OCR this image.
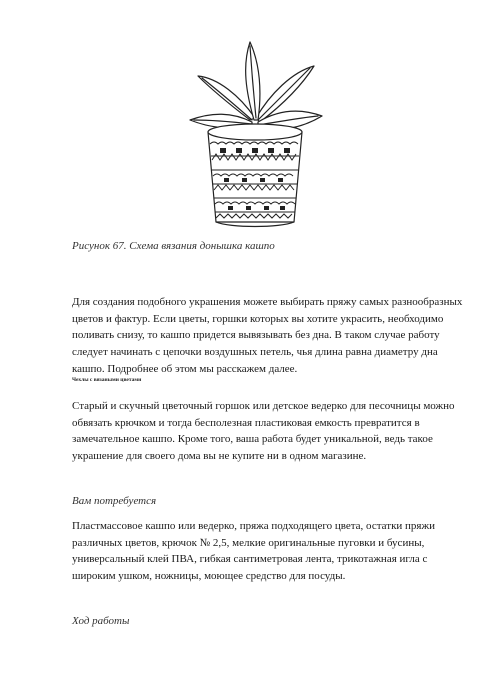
Рисунок 67. Схема вязания донышка кашпо

Для создания подобного украшения можете выбирать пряжу самых разнообразных цветов и фактур. Если цветы, горшки которых вы хотите украсить, необходимо поливать снизу, то кашпо придется вывязывать без дна. В таком случае работу следует начинать с цепочки воздушных петель, чья длина равна диаметру дна кашпо. Подробнее об этом мы расскажем далее.

Чехлы с вязаными цветами

Старый и скучный цветочный горшок или детское ведерко для песочницы можно обвязать крючком и тогда бесполезная пластиковая емкость превратится в замечательное кашпо. Кроме того, ваша работа будет уникальной, ведь такое украшение для своего дома вы не купите ни в одном магазине.

Вам потребуется

Пластмассовое кашпо или ведерко, пряжа подходящего цвета, остатки пряжи различных цветов, крючок № 2,5, мелкие оригинальные пуговки и бусины, универсальный клей ПВА, гибкая сантиметровая лента, трикотажная игла с широким ушком, ножницы, моющее средство для посуды.

Ход работы
